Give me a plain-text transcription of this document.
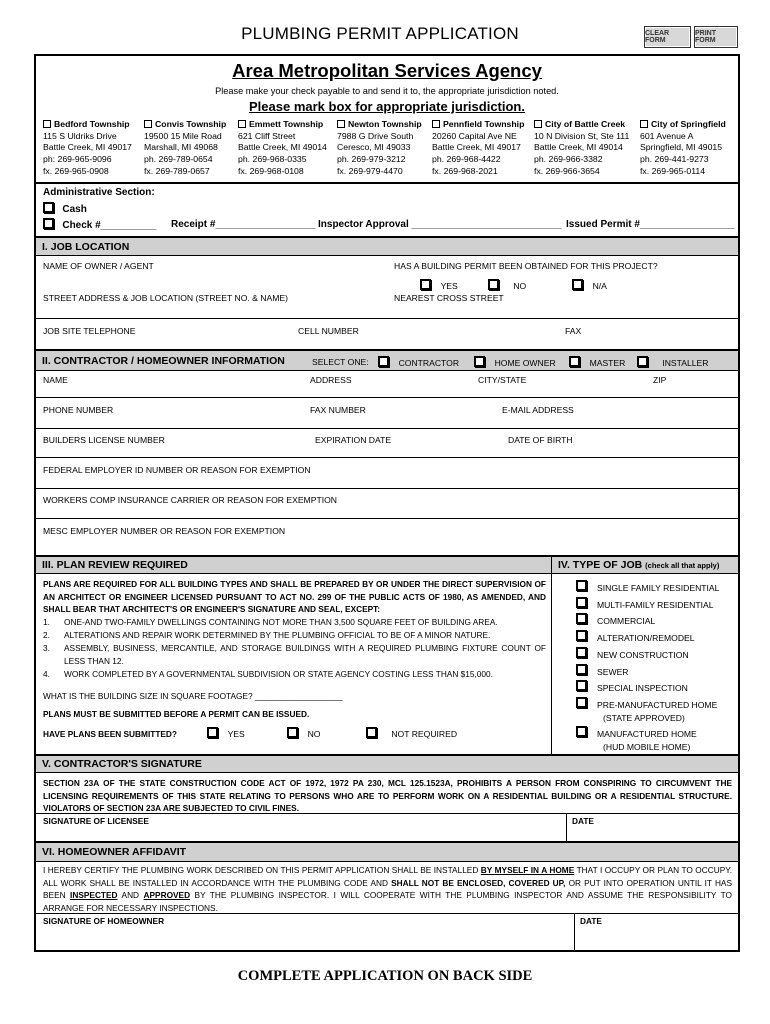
PLUMBING PERMIT APPLICATION	CLEAR FORM
PRINT FORM
Area Metropolitan Services Agency
Please make your check payable to and send it to, the appropriate jurisdiction noted.
Please mark box for appropriate jurisdiction.
Bedford Township
115 S Uldriks Drive
Battle Creek, MI 49017
ph: 269-965-9096
fx. 269-965-0908
Convis Township
19500 15 Mile Road
Marshall, MI 49068
ph. 269-789-0654
fx. 269-789-0657
Emmett Township
621 Cliff Street
Battle Creek, MI 49014
ph. 269-968-0335
fx. 269-968-0108
Newton Township
7988 G Drive South
Ceresco, MI 49033
ph. 269-979-3212
fx. 269-979-4470
Pennfield Township
20260 Capital Ave NE
Battle Creek, MI 49017
ph. 269-968-4422
fx. 269-968-2021
City of Battle Creek
10 N Division St, Ste 111
Battle Creek, MI 49014
ph. 269-966-3382
fx. 269-966-3654
City of Springfield
601 Avenue A
Springfield, MI 49015
ph. 269-441-9273
fx. 269-965-0114
Administrative Section:
Cash
Check #__________ Receipt #__________________ Inspector Approval ___________________________ Issued Permit #_________________
I. JOB LOCATION
NAME OF OWNER / AGENT	HAS A BUILDING PERMIT BEEN OBTAINED FOR THIS PROJECT?
YES	NO	N/A
STREET ADDRESS & JOB LOCATION (STREET NO. & NAME)	NEAREST CROSS STREET
JOB SITE TELEPHONE	CELL NUMBER	FAX
II. CONTRACTOR / HOMEOWNER INFORMATION	SELECT ONE:	CONTRACTOR	HOME OWNER	MASTER	INSTALLER
NAME	ADDRESS	CITY/STATE	ZIP
PHONE NUMBER	FAX NUMBER	E-MAIL ADDRESS
BUILDERS LICENSE NUMBER	EXPIRATION DATE	DATE OF BIRTH
FEDERAL EMPLOYER ID NUMBER OR REASON FOR EXEMPTION
WORKERS COMP INSURANCE CARRIER OR REASON FOR EXEMPTION
MESC EMPLOYER NUMBER OR REASON FOR EXEMPTION
III. PLAN REVIEW REQUIRED	IV. TYPE OF JOB
(check all that apply)
PLANS ARE REQUIRED FOR ALL BUILDING TYPES AND SHALL BE PREPARED BY OR UNDER THE DIRECT SUPERVISION OF AN ARCHITECT OR ENGINEER LICENSED PURSUANT TO ACT NO. 299 OF THE PUBLIC ACTS OF 1980, AS AMENDED, AND SHALL BEAR THAT ARCHITECT'S OR ENGINEER'S SIGNATURE AND SEAL, EXCEPT:
1. ONE-AND TWO-FAMILY DWELLINGS CONTAINING NOT MORE THAN 3,500 SQUARE FEET OF BUILDING AREA.
2. ALTERATIONS AND REPAIR WORK DETERMINED BY THE PLUMBING OFFICIAL TO BE OF A MINOR NATURE.
3.	ASSEMBLY, BUSINESS, MERCANTILE, AND STORAGE BUILDINGS WITH A REQUIRED PLUMBING FIXTURE COUNT OF LESS THAN 12.
4. WORK COMPLETED BY A GOVERNMENTAL SUBDIVISION OR STATE AGENCY COSTING LESS THAN $15,000.
WHAT IS THE BUILDING SIZE IN SQUARE FOOTAGE? ___________________
PLANS MUST BE SUBMITTED BEFORE A PERMIT CAN BE ISSUED.
HAVE PLANS BEEN SUBMITTED?	YES	NO	NOT REQUIRED
SINGLE FAMILY RESIDENTIAL
MULTI-FAMILY RESIDENTIAL
COMMERCIAL
ALTERATION/REMODEL
NEW CONSTRUCTION
SEWER
SPECIAL INSPECTION
PRE-MANUFACTURED HOME
(STATE APPROVED)
MANUFACTURED HOME
(HUD MOBILE HOME)
V. CONTRACTOR'S SIGNATURE
SECTION 23A OF THE STATE CONSTRUCTION CODE ACT OF 1972, 1972 PA 230, MCL 125.1523A, PROHIBITS A PERSON FROM CONSPIRING TO CIRCUMVENT THE LICENSING REQUIREMENTS OF THIS STATE RELATING TO PERSONS WHO ARE TO PERFORM WORK ON A RESIDENTIAL BUILDING OR A RESIDENTIAL STRUCTURE. VIOLATORS OF SECTION 23A ARE SUBJECTED TO CIVIL FINES.
SIGNATURE OF LICENSEE	DATE
VI. HOMEOWNER AFFIDAVIT
I HEREBY CERTIFY THE PLUMBING WORK DESCRIBED ON THIS PERMIT APPLICATION SHALL BE INSTALLED BY MYSELF IN A HOME THAT I OCCUPY OR PLAN TO OCCUPY. ALL WORK SHALL BE INSTALLED IN ACCORDANCE WITH THE PLUMBING CODE AND SHALL NOT BE ENCLOSED, COVERED UP, OR PUT INTO OPERATION UNTIL IT HAS BEEN INSPECTED AND APPROVED BY THE PLUMBING INSPECTOR. I WILL COOPERATE WITH THE PLUMBING INSPECTOR AND ASSUME THE RESPONSIBILITY TO ARRANGE FOR NECESSARY INSPECTIONS.
SIGNATURE OF HOMEOWNER	DATE
COMPLETE APPLICATION ON BACK SIDE
